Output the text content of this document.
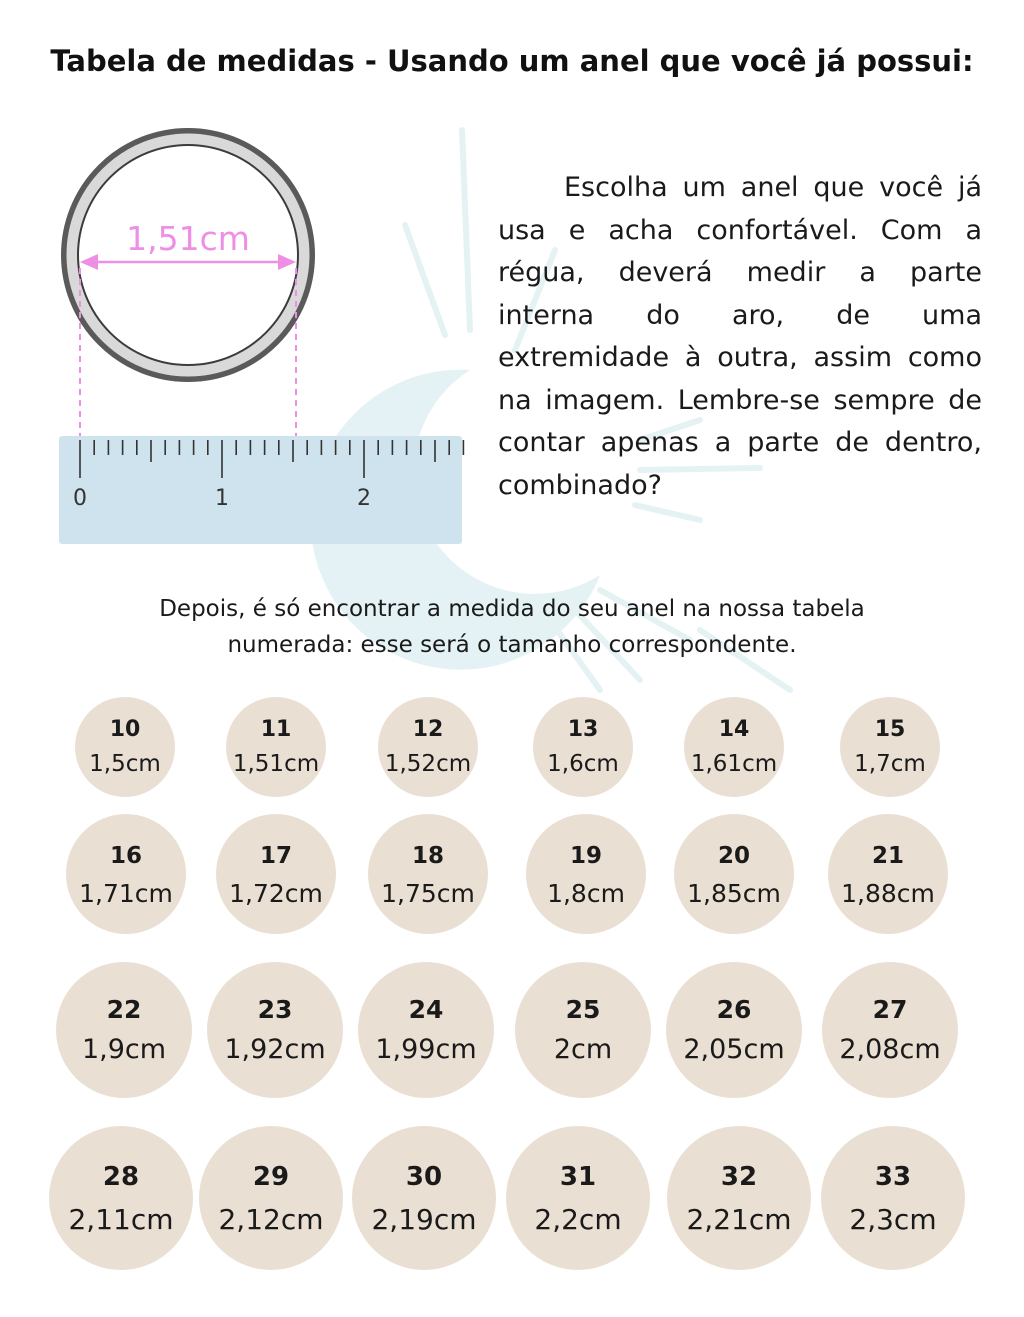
Tabela de medidas - Usando um anel que você já possui:
1,51cm
0	1	2

Escolha um anel que você já usa e acha confortável. Com a régua, deverá medir a parte interna do aro, de uma extremidade à outra, assim como na imagem. Lembre-se sempre de contar apenas a parte de dentro, combinado?

Depois, é só encontrar a medida do seu anel na nossa tabela
numerada: esse será o tamanho correspondente.
10
1,5cm
11
1,51cm
12
1,52cm
13
1,6cm
14
1,61cm
15
1,7cm
16
1,71cm
17
1,72cm
18
1,75cm
19
1,8cm
20
1,85cm
21
1,88cm
22
1,9cm
23
1,92cm
24
1,99cm
25
2cm
26
2,05cm
27
2,08cm
28
2,11cm
29
2,12cm
30
2,19cm
31
2,2cm
32
2,21cm
33
2,3cm
